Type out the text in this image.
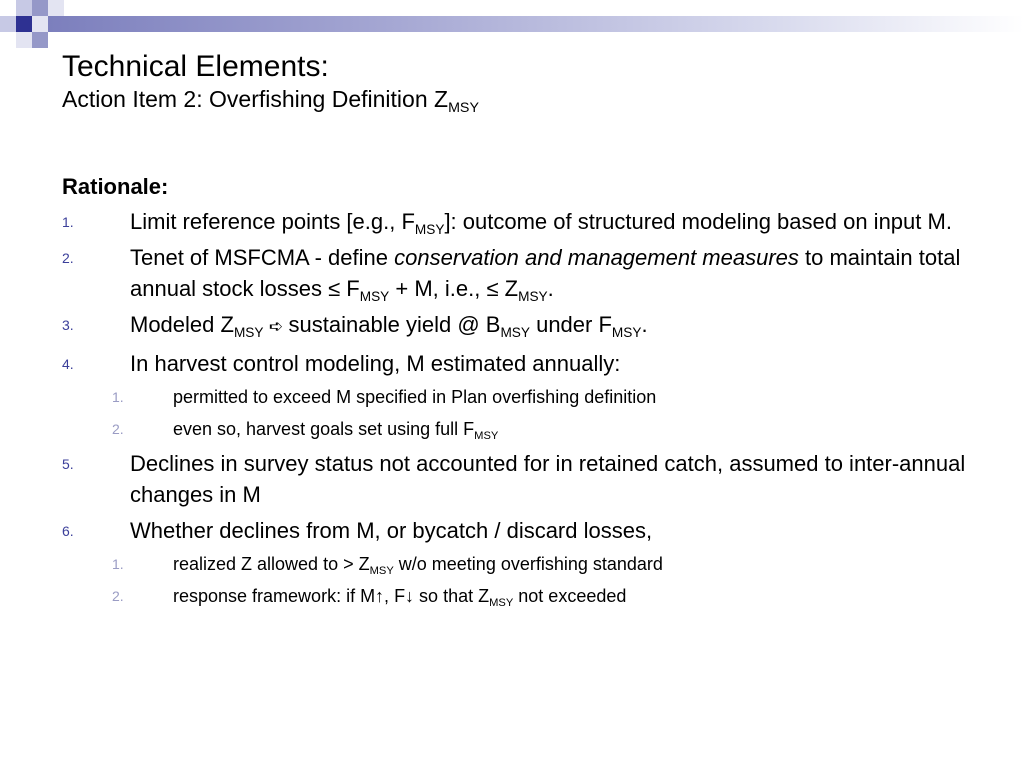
Technical Elements:
Action Item 2: Overfishing Definition $Z_{MSY}$
Rationale:
1.	Limit reference points [e.g., $F_{MSY}$]: outcome of structured modeling based on input M.
2.	Tenet of MSFCMA - define conservation and management measures to maintain total annual stock losses ≤ $F_{MSY} + M$, i.e., ≤ $Z_{MSY}$.
3.	Modeled $Z_{MSY}$ ➪ sustainable yield @ $B_{MSY}$ under $F_{MSY}$.
4.	In harvest control modeling, M estimated annually:
1.	permitted to exceed M specified in Plan overfishing definition
2.	even so, harvest goals set using full $F_{MSY}$
5.	Declines in survey status not accounted for in retained catch, assumed to inter-annual changes in M
6.	Whether declines from M, or bycatch / discard losses,
1.	realized Z allowed to > $Z_{MSY}$ w/o meeting overfishing standard
2.	response framework: if M↑, F↓ so that $Z_{MSY}$ not exceeded
